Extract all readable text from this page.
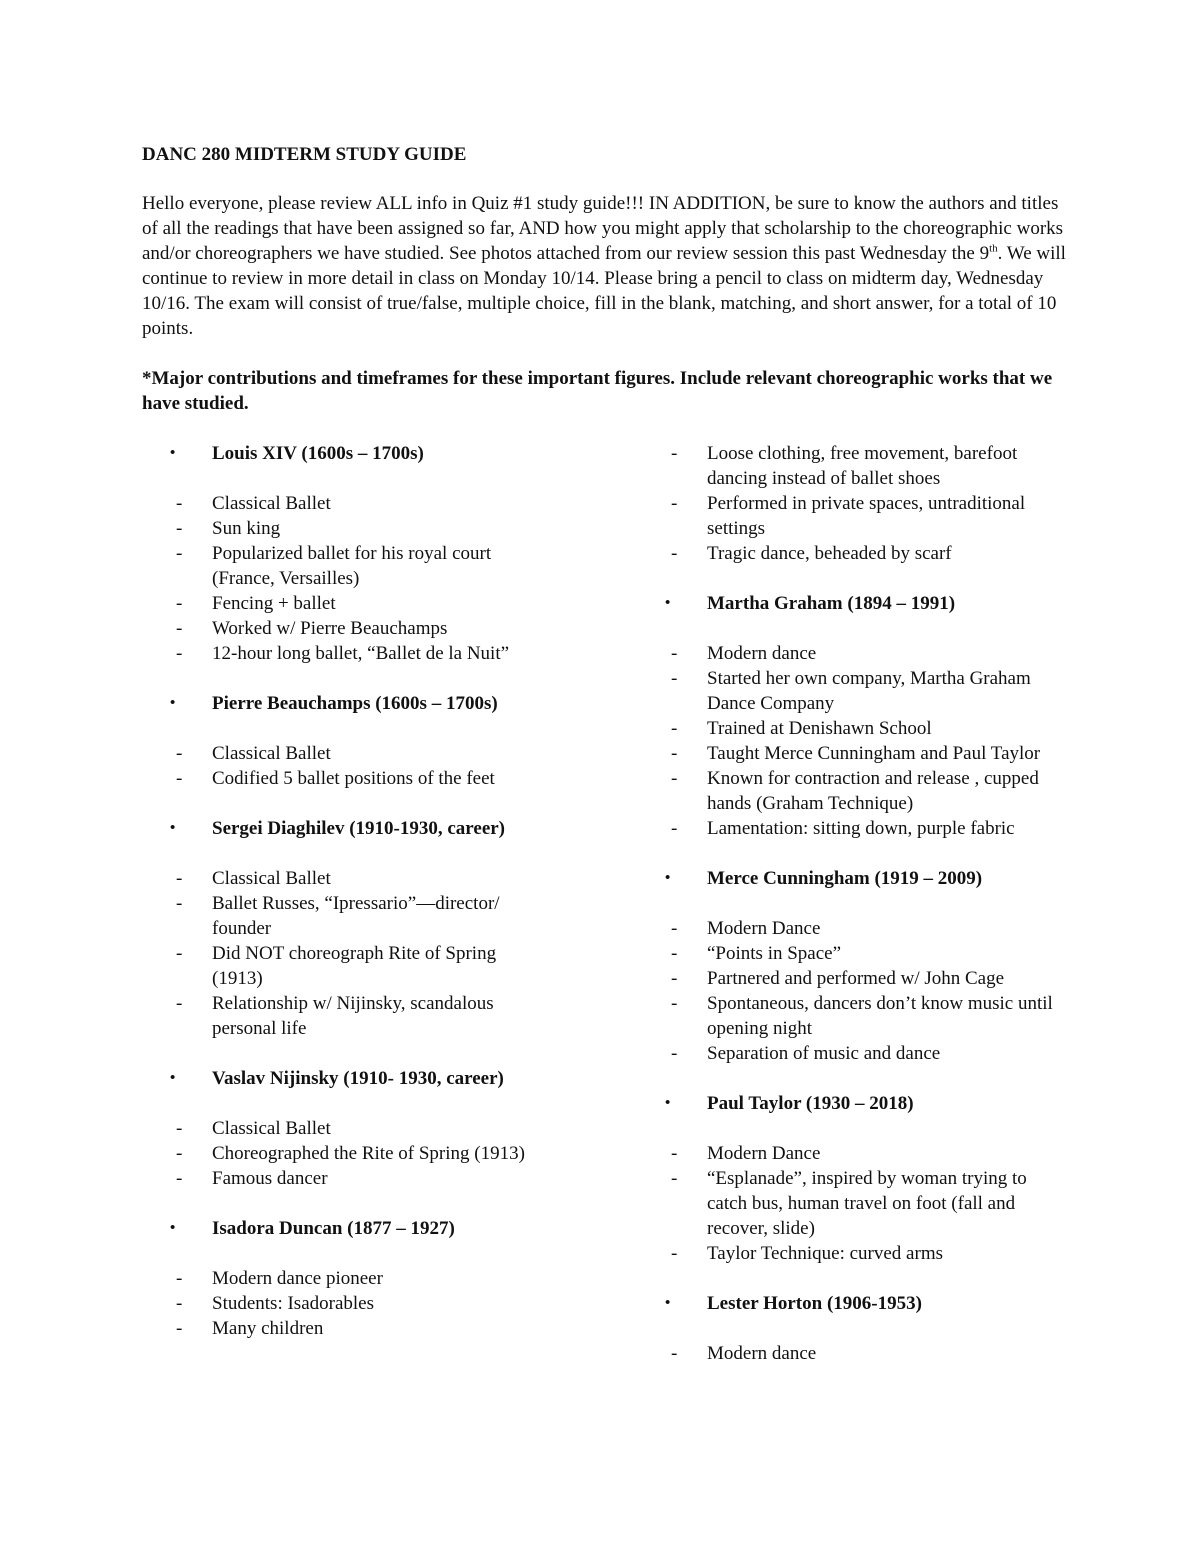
DANC 280 MIDTERM STUDY GUIDE

Hello everyone, please review ALL info in Quiz #1 study guide!!! IN ADDITION, be sure to know the authors and titles of all the readings that have been assigned so far, AND how you might apply that scholarship to the choreographic works and/or choreographers we have studied. See photos attached from our review session this past Wednesday the 9th. We will continue to review in more detail in class on Monday 10/14. Please bring a pencil to class on midterm day, Wednesday 10/16. The exam will consist of true/false, multiple choice, fill in the blank, matching, and short answer, for a total of 10 points.

*Major contributions and timeframes for these important figures. Include relevant choreographic works that we have studied.

• Louis XIV (1600s – 1700s)
- Classical Ballet
- Sun king
- Popularized ballet for his royal court (France, Versailles)
- Fencing + ballet
- Worked w/ Pierre Beauchamps
- 12-hour long ballet, “Ballet de la Nuit”
• Pierre Beauchamps (1600s – 1700s)
- Classical Ballet
- Codified 5 ballet positions of the feet
• Sergei Diaghilev (1910-1930, career)
- Classical Ballet
- Ballet Russes, “Ipressario”—director/ founder
- Did NOT choreograph Rite of Spring (1913)
- Relationship w/ Nijinsky, scandalous personal life
• Vaslav Nijinsky (1910- 1930, career)
- Classical Ballet
- Choreographed the Rite of Spring (1913)
- Famous dancer
• Isadora Duncan (1877 – 1927)
- Modern dance pioneer
- Students: Isadorables
- Many children
- Loose clothing, free movement, barefoot dancing instead of ballet shoes
- Performed in private spaces, untraditional settings
- Tragic dance, beheaded by scarf
• Martha Graham (1894 – 1991)
- Modern dance
- Started her own company, Martha Graham Dance Company
- Trained at Denishawn School
- Taught Merce Cunningham and Paul Taylor
- Known for contraction and release , cupped hands (Graham Technique)
- Lamentation: sitting down, purple fabric
• Merce Cunningham (1919 – 2009)
- Modern Dance
- “Points in Space”
- Partnered and performed w/ John Cage
- Spontaneous, dancers don’t know music until opening night
- Separation of music and dance
• Paul Taylor (1930 – 2018)
- Modern Dance
- “Esplanade”, inspired by woman trying to catch bus, human travel on foot (fall and recover, slide)
- Taylor Technique: curved arms
• Lester Horton (1906-1953)
- Modern dance
